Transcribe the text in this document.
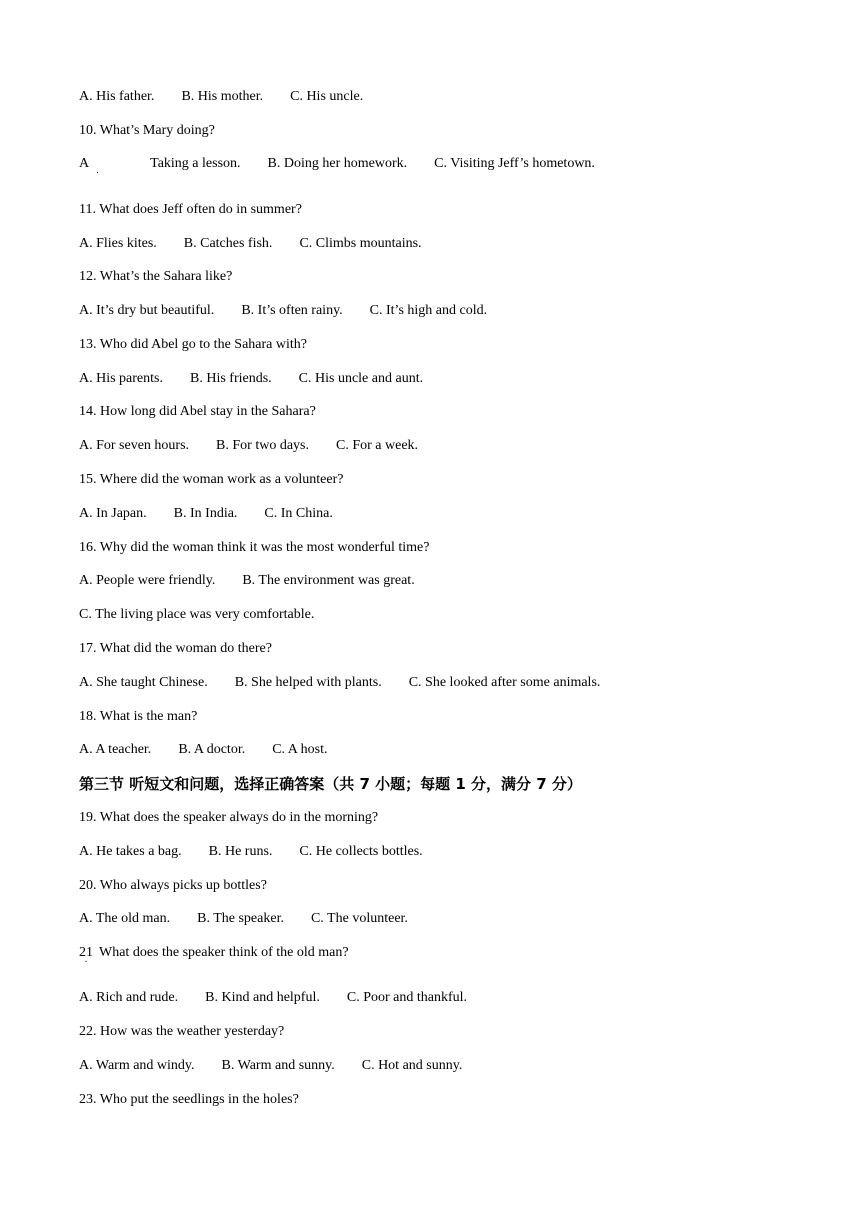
A. His father. B. His mother. C. His uncle.
10. What’s Mary doing?
A
·
Taking a lesson. B. Doing her homework. C. Visiting Jeff’s hometown.
11. What does Jeff often do in summer?
A. Flies kites. B. Catches fish. C. Climbs mountains.
12. What’s the Sahara like?
A. It’s dry but beautiful. B. It’s often rainy. C. It’s high and cold.
13. Who did Abel go to the Sahara with?
A. His parents. B. His friends. C. His uncle and aunt.
14. How long did Abel stay in the Sahara?
A. For seven hours. B. For two days. C. For a week.
15. Where did the woman work as a volunteer?
A. In Japan. B. In India. C. In China.
16. Why did the woman think it was the most wonderful time?
A. People were friendly. B. The environment was great.
C. The living place was very comfortable.
17. What did the woman do there?
A. She taught Chinese. B. She helped with plants. C. She looked after some animals.
18. What is the man?
A. A teacher. B. A doctor. C. A host.
第三节 听短文和问题，选择正确答案（共 7 小题；每题 1 分，满分 7 分）
19. What does the speaker always do in the morning?
A. He takes a bag. B. He runs. C. He collects bottles.
20. Who always picks up bottles?
A. The old man. B. The speaker. C. The volunteer.
21
·
What does the speaker think of the old man?
A. Rich and rude. B. Kind and helpful. C. Poor and thankful.
22. How was the weather yesterday?
A. Warm and windy. B. Warm and sunny. C. Hot and sunny.
23. Who put the seedlings in the holes?
